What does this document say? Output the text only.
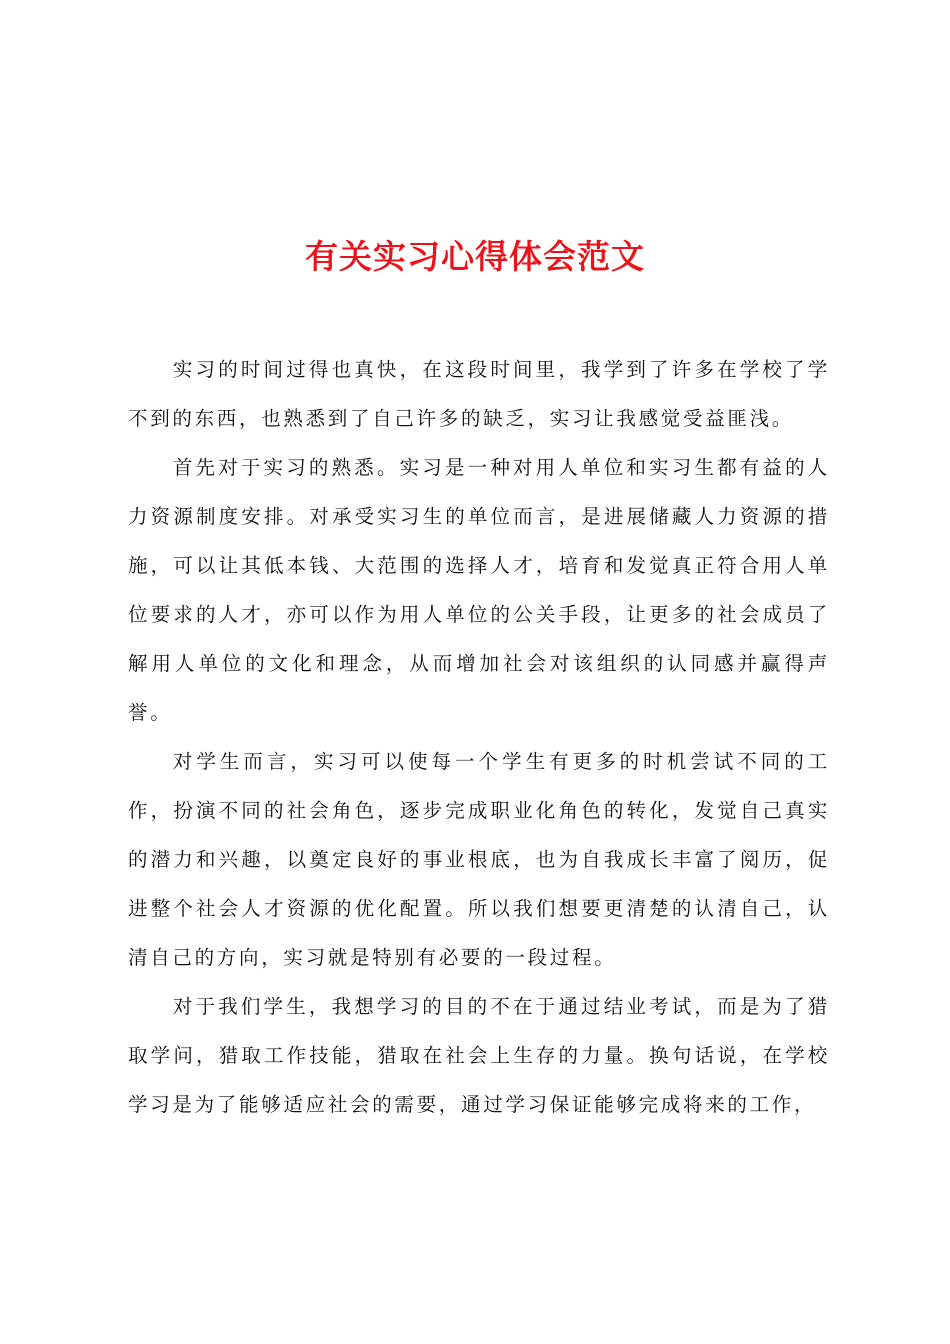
有关实习心得体会范文

实习的时间过得也真快，在这段时间里，我学到了许多在学校了学不到的东西，也熟悉到了自己许多的缺乏，实习让我感觉受益匪浅。

首先对于实习的熟悉。实习是一种对用人单位和实习生都有益的人力资源制度安排。对承受实习生的单位而言，是进展储藏人力资源的措施，可以让其低本钱、大范围的选择人才，培育和发觉真正符合用人单位要求的人才，亦可以作为用人单位的公关手段，让更多的社会成员了解用人单位的文化和理念，从而增加社会对该组织的认同感并赢得声誉。

对学生而言，实习可以使每一个学生有更多的时机尝试不同的工作，扮演不同的社会角色，逐步完成职业化角色的转化，发觉自己真实的潜力和兴趣，以奠定良好的事业根底，也为自我成长丰富了阅历，促进整个社会人才资源的优化配置。所以我们想要更清楚的认清自己，认清自己的方向，实习就是特别有必要的一段过程。

对于我们学生，我想学习的目的不在于通过结业考试，而是为了猎取学问，猎取工作技能，猎取在社会上生存的力量。换句话说，在学校学习是为了能够适应社会的需要，通过学习保证能够完成将来的工作，
